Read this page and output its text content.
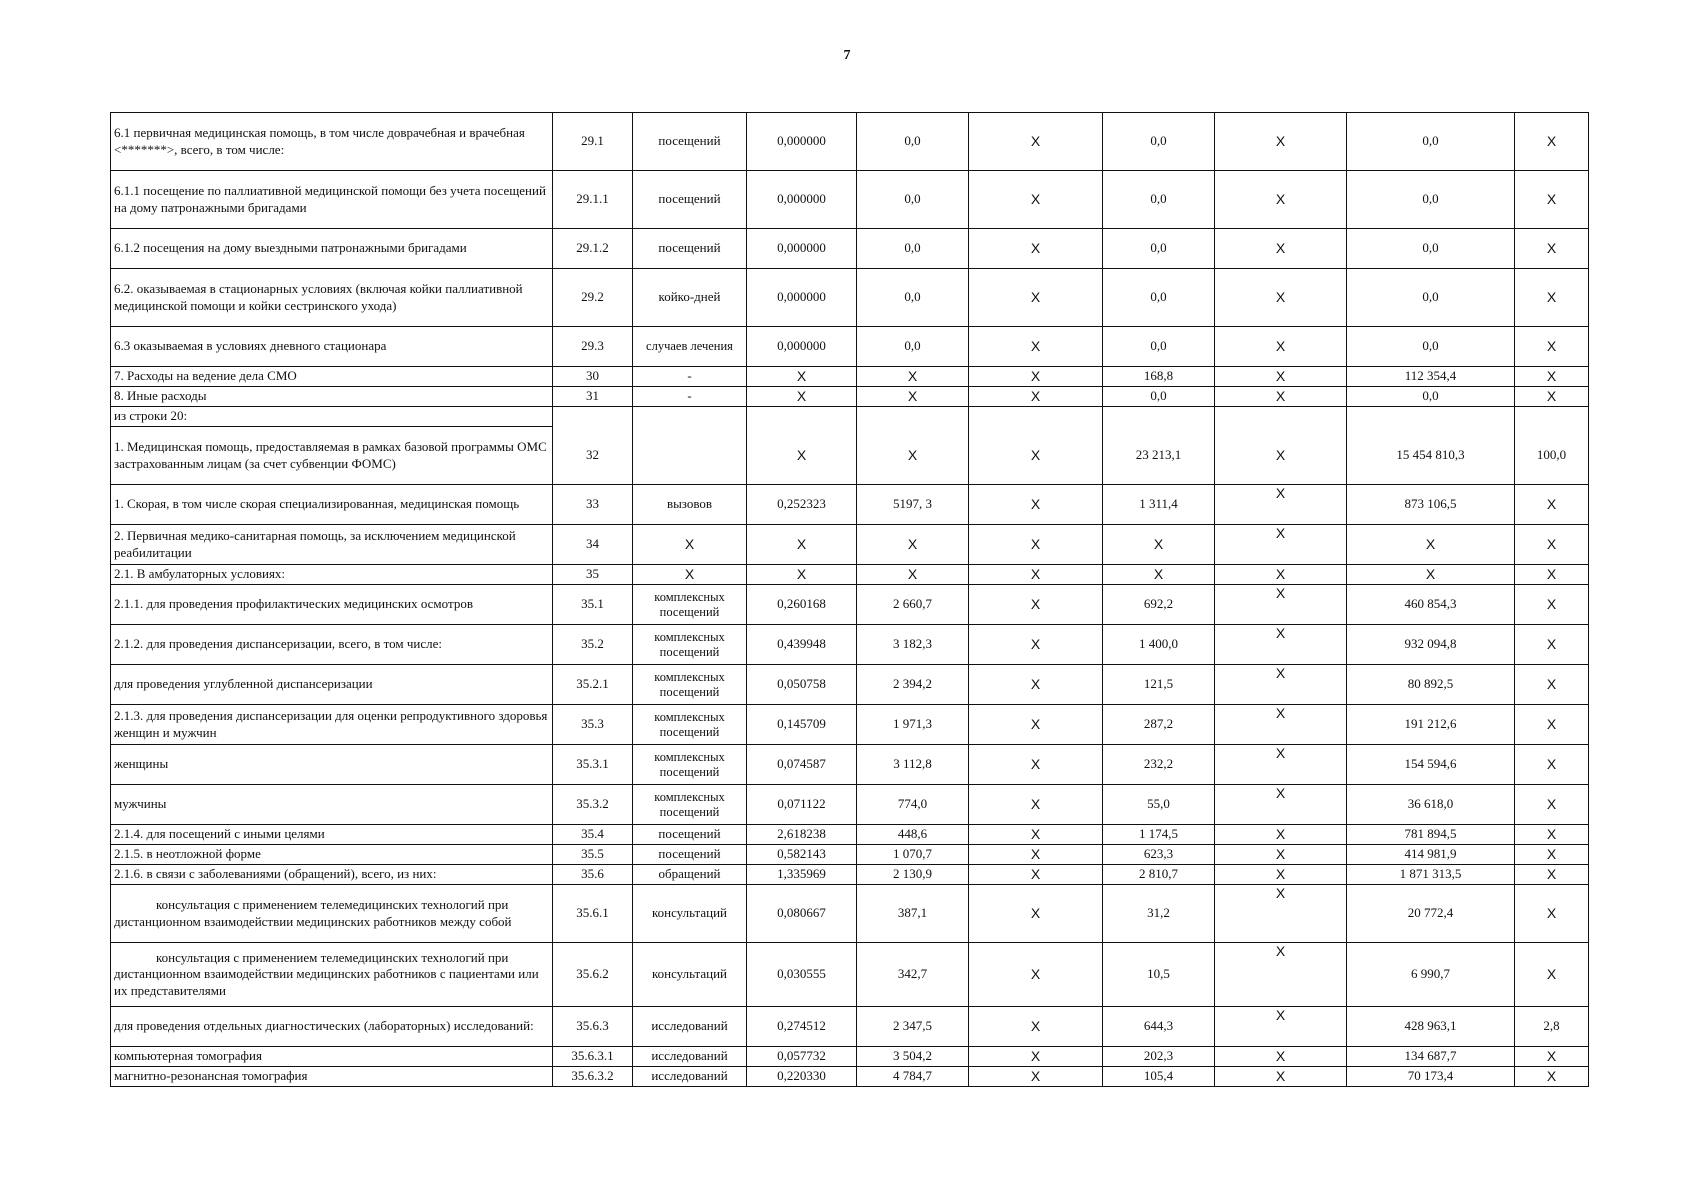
7
6.1 первичная медицинская помощь, в том числе доврачебная и врачебная <*******>, всего, в том числе:	29.1	посещений	0,000000	0,0	X	0,0	X	0,0	X
6.1.1 посещение по паллиативной медицинской помощи без учета посещений на дому патронажными бригадами	29.1.1	посещений	0,000000	0,0	X	0,0	X	0,0	X
6.1.2 посещения на дому выездными патронажными бригадами	29.1.2	посещений	0,000000	0,0	X	0,0	X	0,0	X
6.2. оказываемая в стационарных условиях (включая койки паллиативной медицинской помощи и койки сестринского ухода)	29.2	койко-дней	0,000000	0,0	X	0,0	X	0,0	X
6.3 оказываемая в условиях дневного стационара	29.3	случаев лечения	0,000000	0,0	X	0,0	X	0,0	X
7. Расходы на ведение дела СМО	30	-	X	X	X	168,8	X	112 354,4	X
8. Иные расходы	31	-	X	X	X	0,0	X	0,0	X
из строки 20:									
1. Медицинская помощь, предоставляемая в рамках базовой программы ОМС застрахованным лицам (за счет субвенции ФОМС)	32		X	X	X	23 213,1	X	15 454 810,3	100,0
1. Скорая, в том числе скорая специализированная, медицинская помощь	33	вызовов	0,252323	5197, 3	X	1 311,4	X	873 106,5	X
2. Первичная медико-санитарная помощь, за исключением медицинской реабилитации	34	X	X	X	X	X	X	X	X
2.1. В амбулаторных условиях:	35	X	X	X	X	X	X	X	X
2.1.1. для проведения профилактических медицинских осмотров	35.1	комплексных посещений	0,260168	2 660,7	X	692,2	X	460 854,3	X
2.1.2. для проведения диспансеризации, всего, в том числе:	35.2	комплексных посещений	0,439948	3 182,3	X	1 400,0	X	932 094,8	X
для проведения углубленной диспансеризации	35.2.1	комплексных посещений	0,050758	2 394,2	X	121,5	X	80 892,5	X
2.1.3. для проведения диспансеризации для оценки репродуктивного здоровья женщин и мужчин	35.3	комплексных посещений	0,145709	1 971,3	X	287,2	X	191 212,6	X
женщины	35.3.1	комплексных посещений	0,074587	3 112,8	X	232,2	X	154 594,6	X
мужчины	35.3.2	комплексных посещений	0,071122	774,0	X	55,0	X	36 618,0	X
2.1.4. для посещений с иными целями	35.4	посещений	2,618238	448,6	X	1 174,5	X	781 894,5	X
2.1.5. в неотложной форме	35.5	посещений	0,582143	1 070,7	X	623,3	X	414 981,9	X
2.1.6. в связи с заболеваниями (обращений), всего, из них:	35.6	обращений	1,335969	2 130,9	X	2 810,7	X	1 871 313,5	X
консультация с применением телемедицинских технологий при дистанционном взаимодействии медицинских работников между собой	35.6.1	консультаций	0,080667	387,1	X	31,2	X	20 772,4	X
консультация с применением телемедицинских технологий при дистанционном взаимодействии медицинских работников с пациентами или их представителями	35.6.2	консультаций	0,030555	342,7	X	10,5	X	6 990,7	X
для проведения отдельных диагностических (лабораторных) исследований:	35.6.3	исследований	0,274512	2 347,5	X	644,3	X	428 963,1	2,8
компьютерная томография	35.6.3.1	исследований	0,057732	3 504,2	X	202,3	X	134 687,7	X
магнитно-резонансная томография	35.6.3.2	исследований	0,220330	4 784,7	X	105,4	X	70 173,4	X
